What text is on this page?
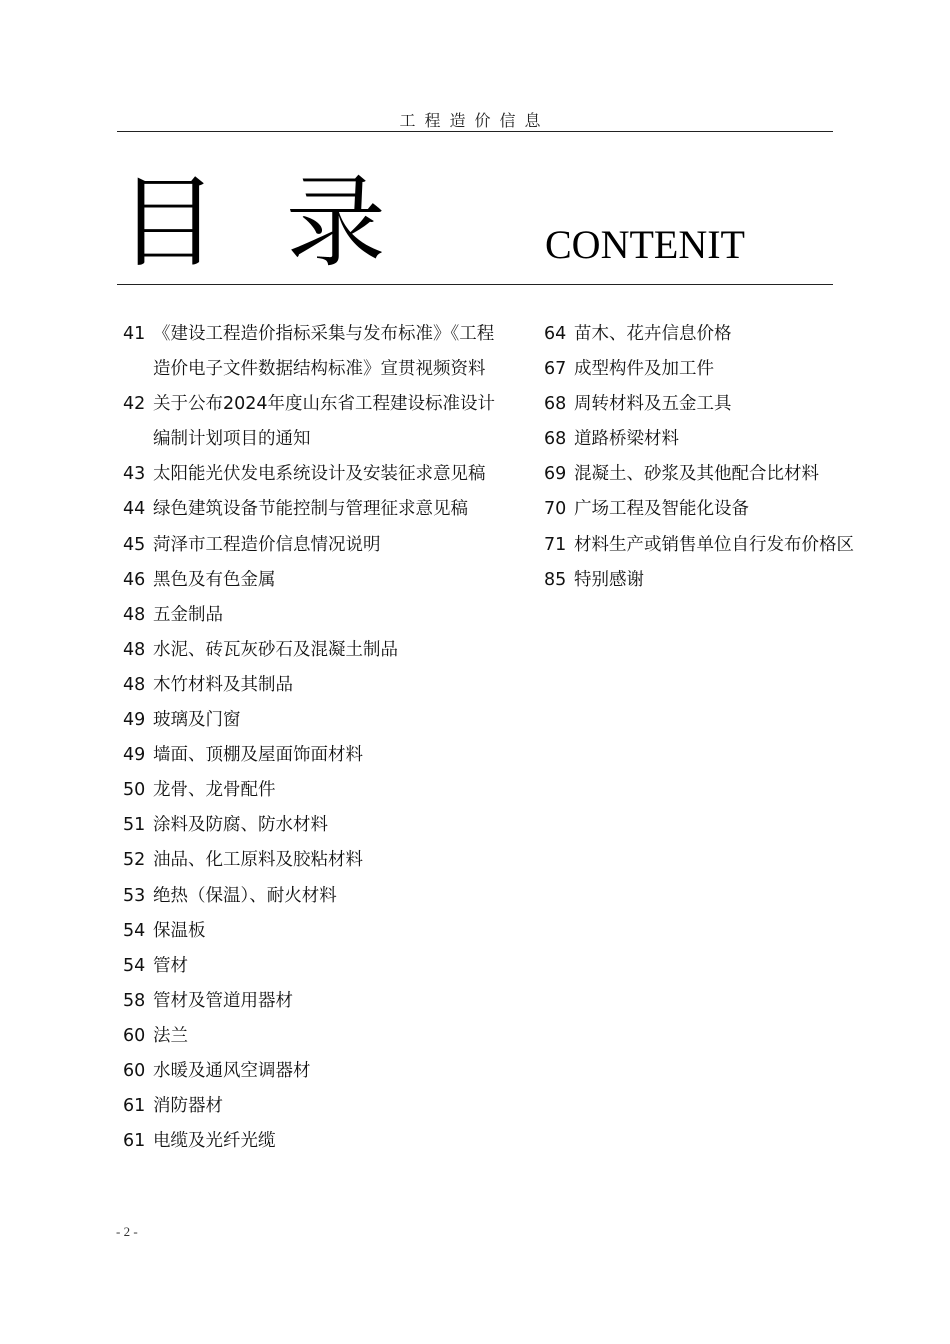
工程造价信息
目 录	CONTENIT
41 《建设工程造价指标采集与发布标准》《工程造价电子文件数据结构标准》宣贯视频资料
42 关于公布2024年度山东省工程建设标准设计编制计划项目的通知
43 太阳能光伏发电系统设计及安装征求意见稿
44 绿色建筑设备节能控制与管理征求意见稿
45 菏泽市工程造价信息情况说明
46 黑色及有色金属
48 五金制品
48 水泥、砖瓦灰砂石及混凝土制品
48 木竹材料及其制品
49 玻璃及门窗
49 墙面、顶棚及屋面饰面材料
50 龙骨、龙骨配件
51 涂料及防腐、防水材料
52 油品、化工原料及胶粘材料
53 绝热（保温）、耐火材料
54 保温板
54 管材
58 管材及管道用器材
60 法兰
60 水暖及通风空调器材
61 消防器材
61 电缆及光纤光缆
64 苗木、花卉信息价格
67 成型构件及加工件
68 周转材料及五金工具
68 道路桥梁材料
69 混凝土、砂浆及其他配合比材料
70 广场工程及智能化设备
71 材料生产或销售单位自行发布价格区
85 特别感谢
- 2 -
